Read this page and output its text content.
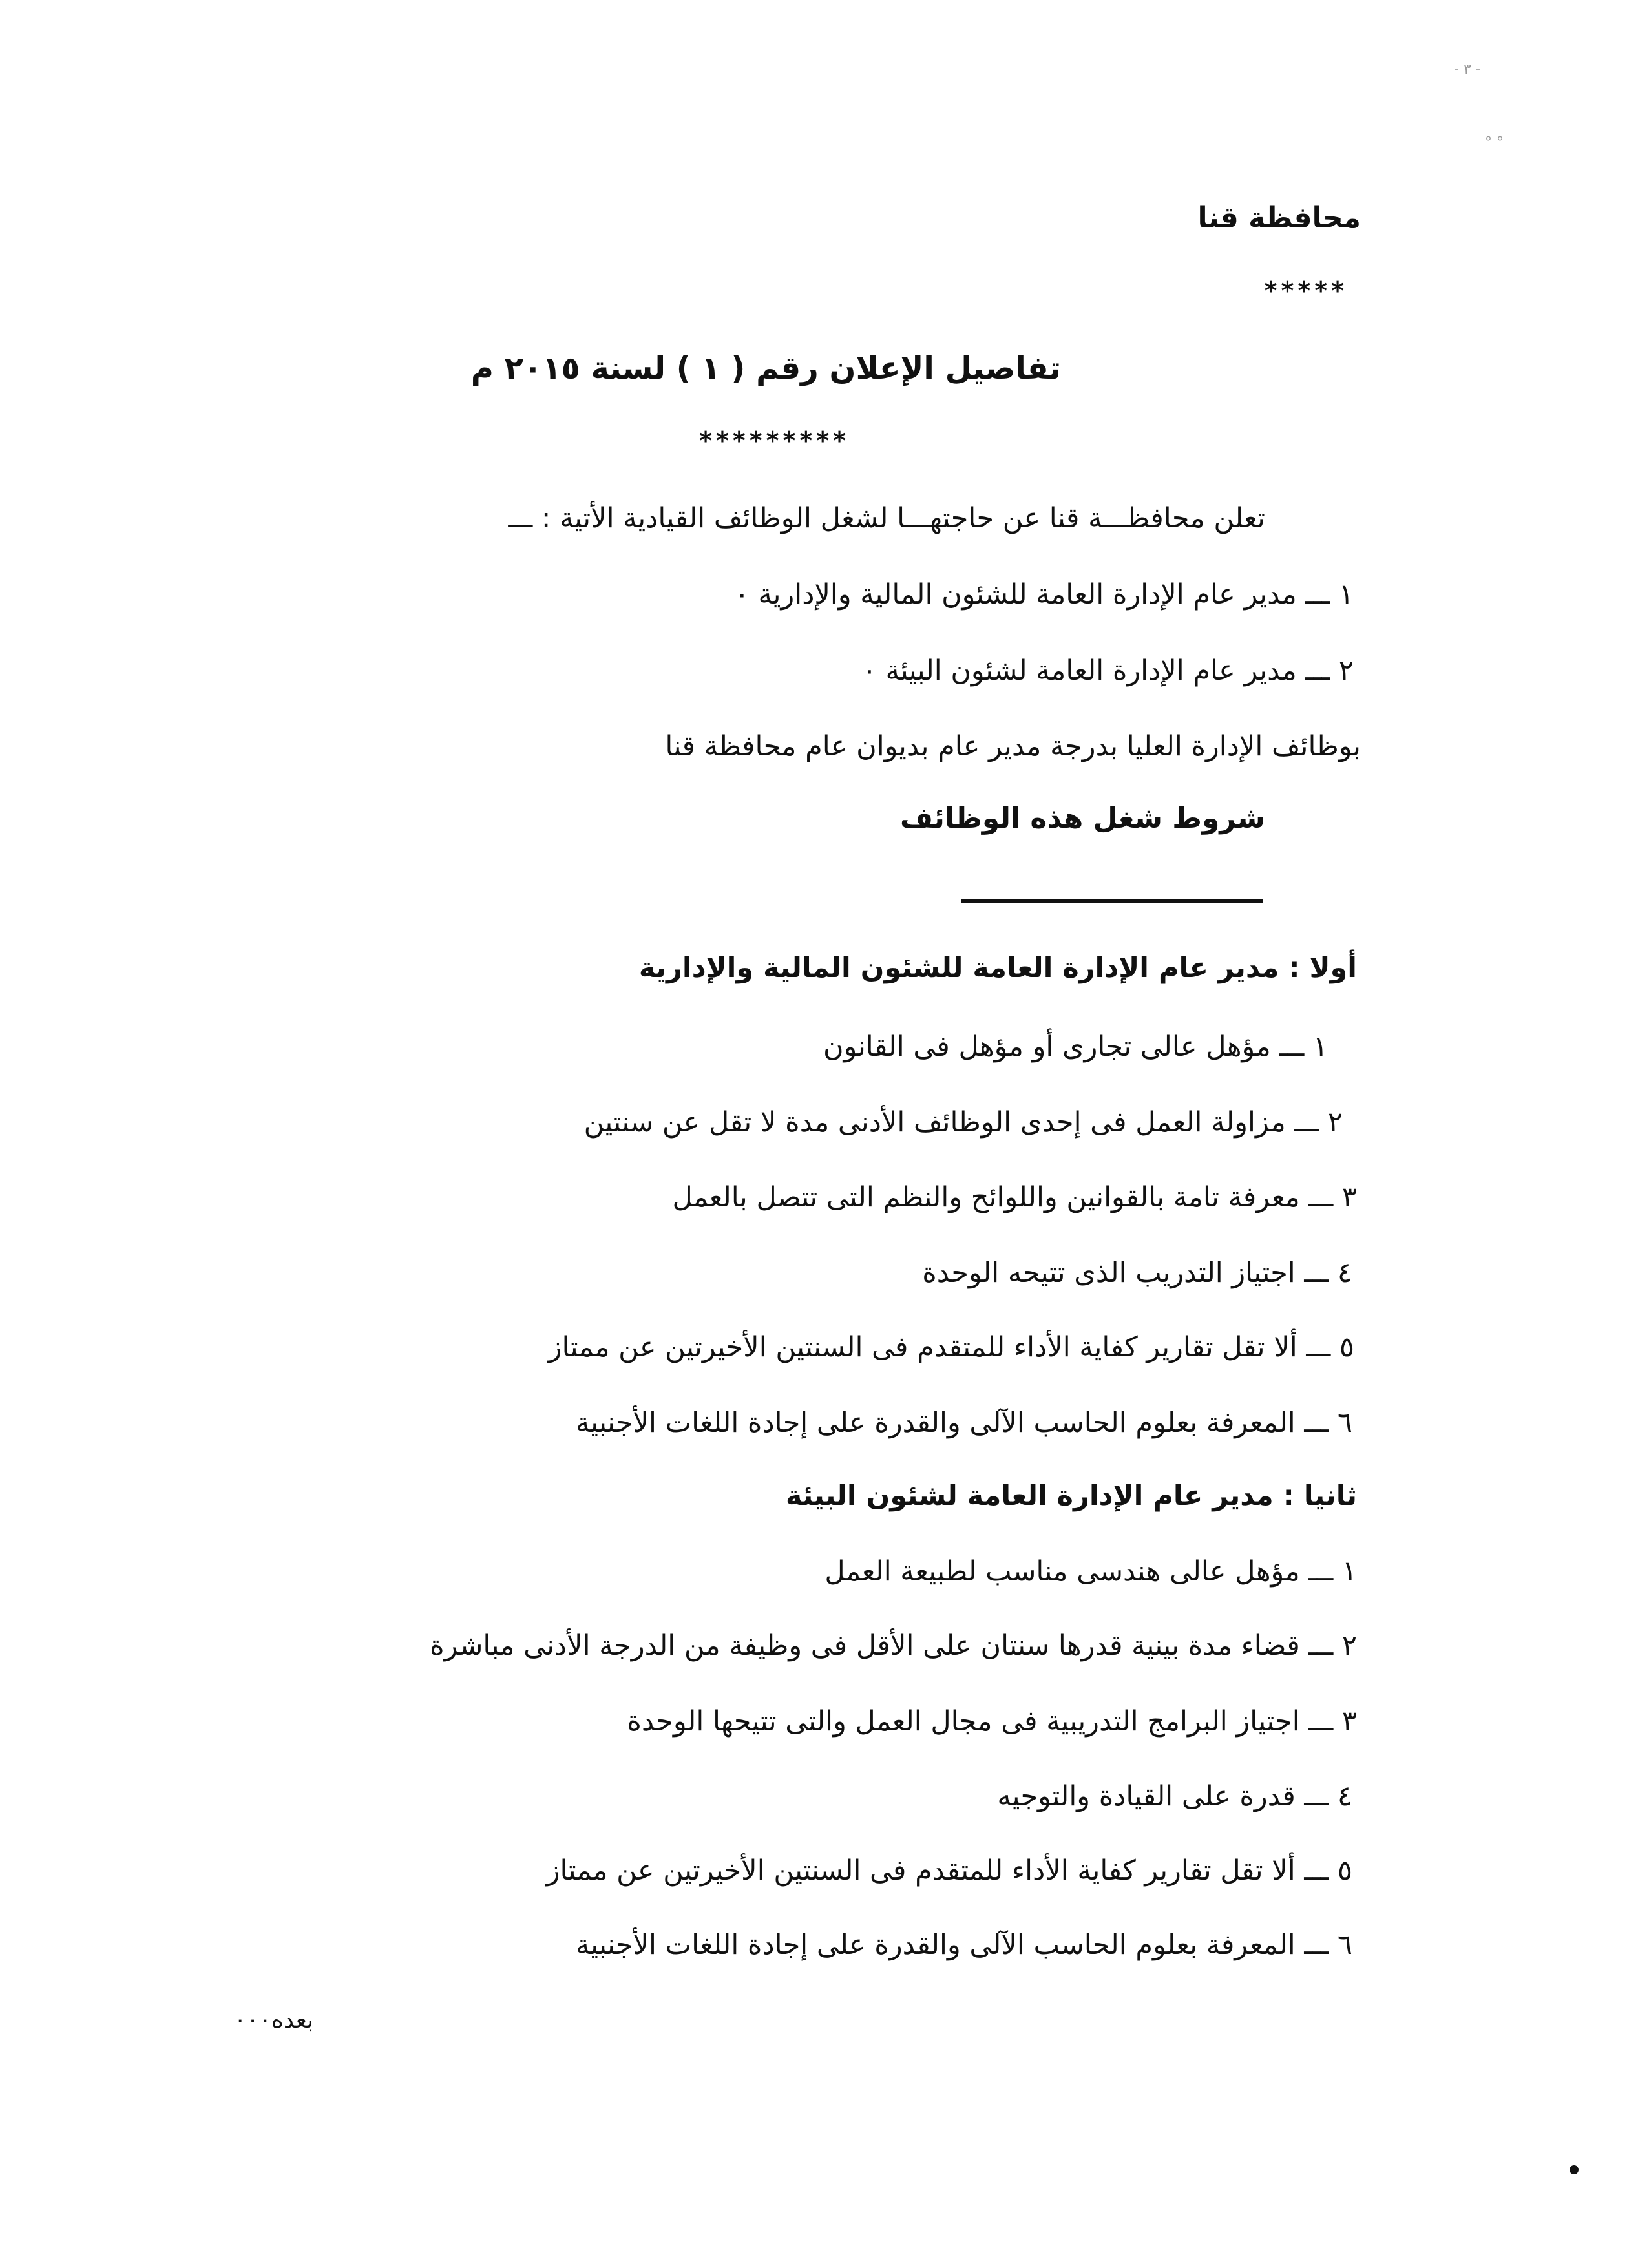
- ٣ -
° °
محافظة قنا
*****
تفاصيل الإعلان رقم ( ١ ) لسنة ٢٠١٥ م
*********
تعلن محافظـــة قنا عن حاجتهـــا لشغل الوظائف القيادية الأتية : ـــ
١ ـــ مدير عام الإدارة العامة للشئون المالية والإدارية ٠
٢ ـــ مدير عام الإدارة العامة لشئون البيئة ٠
بوظائف الإدارة العليا بدرجة مدير عام بديوان عام محافظة قنا
شروط شغل هذه الوظائف
أولا : مدير عام الإدارة العامة للشئون المالية والإدارية
١ ـــ مؤهل عالى تجارى أو مؤهل فى القانون
٢ ـــ مزاولة العمل فى إحدى الوظائف الأدنى مدة لا تقل عن سنتين
٣ ـــ معرفة تامة بالقوانين واللوائح والنظم التى تتصل بالعمل
٤ ـــ اجتياز التدريب الذى تتيحه الوحدة
٥ ـــ ألا تقل تقارير كفاية الأداء للمتقدم فى السنتين الأخيرتين عن ممتاز
٦ ـــ المعرفة بعلوم الحاسب الآلى والقدرة على إجادة اللغات الأجنبية
ثانيا : مدير عام الإدارة العامة لشئون البيئة
١ ـــ مؤهل عالى هندسى مناسب لطبيعة العمل
٢ ـــ قضاء مدة بينية قدرها سنتان على الأقل فى وظيفة من الدرجة الأدنى مباشرة
٣ ـــ اجتياز البرامج التدريبية فى مجال العمل والتى تتيحها الوحدة
٤ ـــ قدرة على القيادة والتوجيه
٥ ـــ ألا تقل تقارير كفاية الأداء للمتقدم فى السنتين الأخيرتين عن ممتاز
٦ ـــ المعرفة بعلوم الحاسب الآلى والقدرة على إجادة اللغات الأجنبية
بعده٠٠٠
